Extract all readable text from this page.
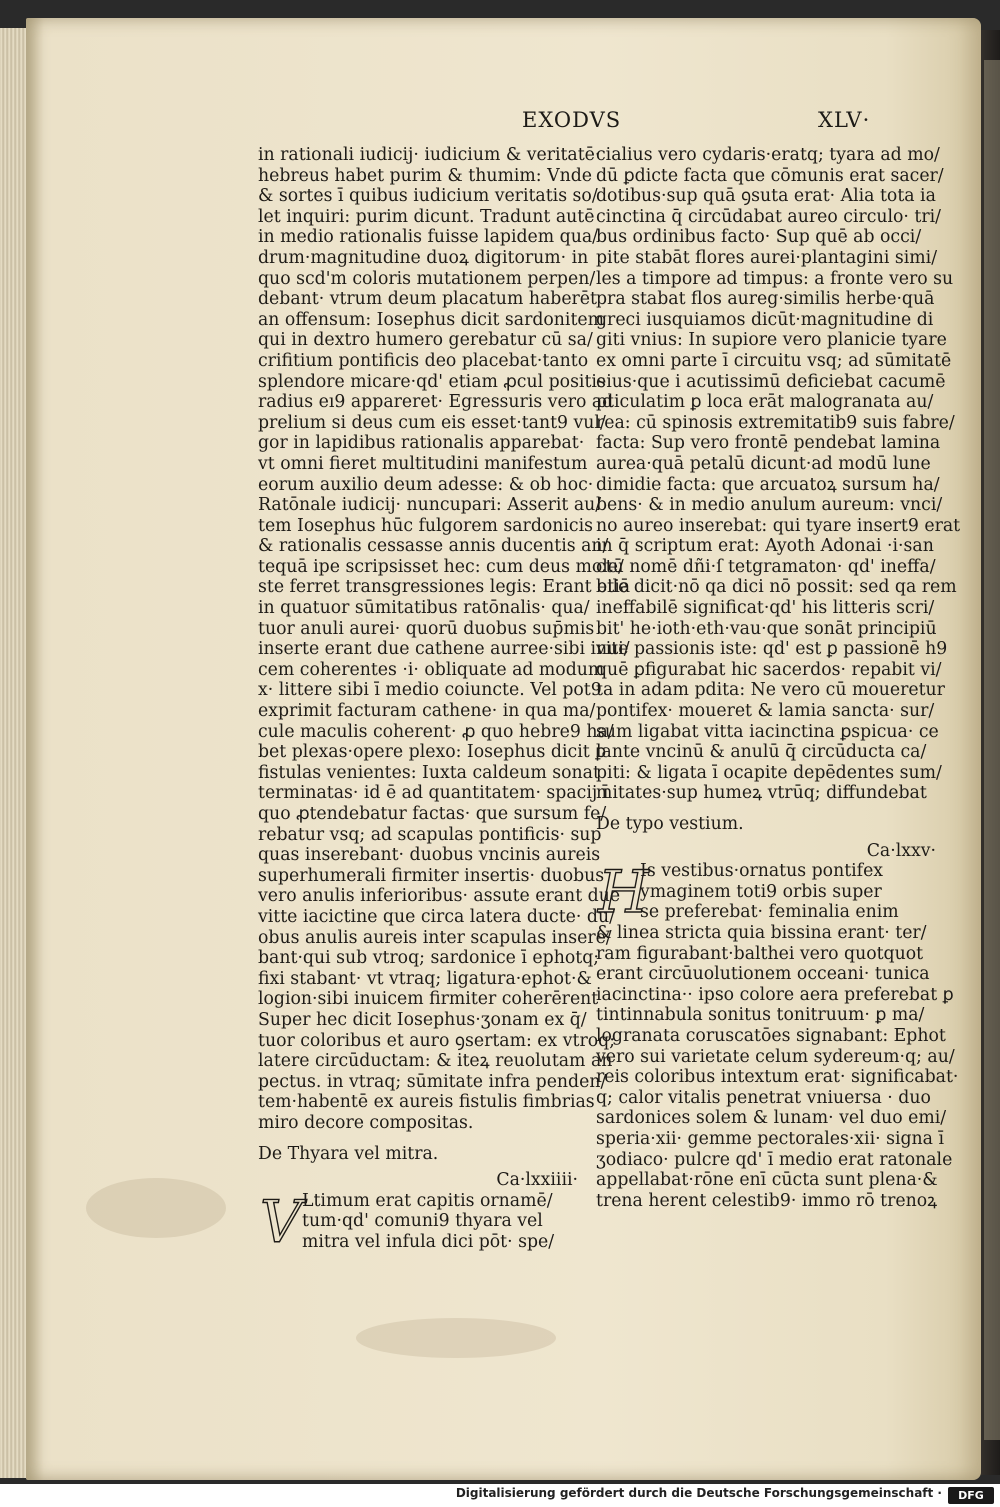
EXODVS	XLV·
in rationali iudicij· iudicium & veritatē·
hebreus habet purim & thumim: Vnde
& sortes ī quibus iudicium veritatis so/
let inquiri: purim dicunt. Tradunt autē
in medio rationalis fuisse lapidem qua/
drum·magnitudine duoꝝ digitorum· in
quo scd'm coloris mutationem perpen/
debant· vtrum deum placatum haberēt
an offensum: Iosephus dicit sardonitem
qui in dextro humero gerebatur cū sa/
crifitium pontificis deo placebat·tanto
splendore micare·qd' etiam ꝓcul positis
radius eı9 appareret· Egressuris vero ad
prelium si deus cum eis esset·tant9 vul/
gor in lapidibus rationalis apparebat·
vt omni fieret multitudini manifestum
eorum auxilio deum adesse: & ob hoc·
Ratōnale iudicij· nuncupari: Asserit au/
tem Iosephus hūc fulgorem sardonicis
& rationalis cessasse annis ducentis an/
tequā ipe scripsisset hec: cum deus mole/
ste ferret transgressiones legis: Erant etiā
in quatuor sūmitatibus ratōnalis· qua/
tuor anuli aurei· quorū duobus sup̄mis
inserte erant due cathene aurree·sibi inui/
cem coherentes ·i· obliquate ad modum
x· littere sibi ī medio coiuncte. Vel pot9
exprimit facturam cathene· in qua ma/
cule maculis coherent· ꝓ quo hebre9 ha/
bet plexas·opere plexo: Iosephus dicit ꝑ
fistulas venientes: Iuxta caldeum sonat
terminatas· id ē ad quantitatem· spacij ī
quo ꝓtendebatur factas· que sursum fe/
rebatur vsq; ad scapulas pontificis· sup
quas inserebant· duobus vncinis aureis
superhumerali firmiter insertis· duobus
vero anulis inferioribus· assute erant due
vitte iacictine que circa latera ducte· du/
obus anulis aureis inter scapulas insere/
bant·qui sub vtroq; sardonice ī ephotq;
fixi stabant· vt vtraq; ligatura·ephot·&
logion·sibi inuicem firmiter coherērent
Super hec dicit Iosephus·ʒonam ex q̄/
tuor coloribus et auro ꝯsertam: ex vtroq;
latere circūductam: & iteꝝ reuolutam an
pectus. in vtraq; sūmitate infra penden/
tem·habentē ex aureis fistulis fimbrias
miro decore compositas.
De Thyara vel mitra.
Ca·lxxiiii·
V Ltimum erat capitis ornamē/
tum·qd' comuni9 thyara vel
mitra vel infula dici pōt· spe/
cialius vero cydaris·eratq; tyara ad mo/
dū ꝑdicte facta que cōmunis erat sacer/
dotibus·sup quā ꝯsuta erat· Alia tota ia
cinctina q̄ circūdabat aureo circulo· tri/
bus ordinibus facto· Sup quē ab occi/
pite stabāt flores aurei·plantagini simi/
les a timpore ad timpus: a fronte vero su
pra stabat flos aureg·similis herbe·quā
greci iusquiamos dicūt·magnitudine di
giti vnius: In supiore vero planicie tyare
ex omni parte ī circuitu vsq; ad sūmitatē
eius·que i acutissimū deficiebat cacumē
pticulatim ꝑ loca erāt malogranata au/
rea: cū spinosis extremitatib9 suis fabre/
facta: Sup vero frontē pendebat lamina
aurea·quā petalū dicunt·ad modū lune
dimidie facta: que arcuatoꝝ sursum ha/
bens· & in medio anulum aureum: vnci/
no aureo inserebat: qui tyare insert9 erat
in q̄ scriptum erat: Ayoth Adonai ·i·san
ctū nomē dñi·ſ tetgramaton· qd' ineffa/
bile dicit·nō qa dici nō possit: sed qa rem
ineffabilē significat·qd' his litteris scri/
bit' he·ioth·eth·vau·que sonāt principiū
vite passionis iste: qd' est ꝑ passionē h9
quē ꝑfigurabat hic sacerdos· repabit vi/
ta in adam pdita: Ne vero cū moueretur
pontifex· moueret & lamia sancta· sur/
sum ligabat vitta iacinctina ꝑspicua· ce
lante vncinū & anulū q̄ circūducta ca/
piti: & ligata ī ocapite depēdentes sum/
mitates·sup humeꝝ vtrūq; diffundebat
De typo vestium.
Ca·lxxv·
H
Is vestibus·ornatus pontifex
ymaginem toti9 orbis super
se preferebat· feminalia enim
& linea stricta quia bissina erant· ter/
ram figurabant·balthei vero quotquot
erant circūuolutionem occeani· tunica
iacinctina·· ipso colore aera preferebat ꝑ
tintinnabula sonitus tonitruum· ꝑ ma/
logranata coruscatōes signabant: Ephot
vero sui varietate celum sydereum·q; au/
reis coloribus intextum erat· significabat·
q; calor vitalis penetrat vniuersa · duo
sardonices solem & lunam· vel duo emi/
speria·xii· gemme pectorales·xii· signa ī
ʒodiaco· pulcre qd' ī medio erat ratonale
appellabat·rōne enī cūcta sunt plena·&
trena herent celestib9· immo rō trenoꝝ
Digitalisierung gefördert durch die Deutsche Forschungsgemeinschaft ·	DFG
